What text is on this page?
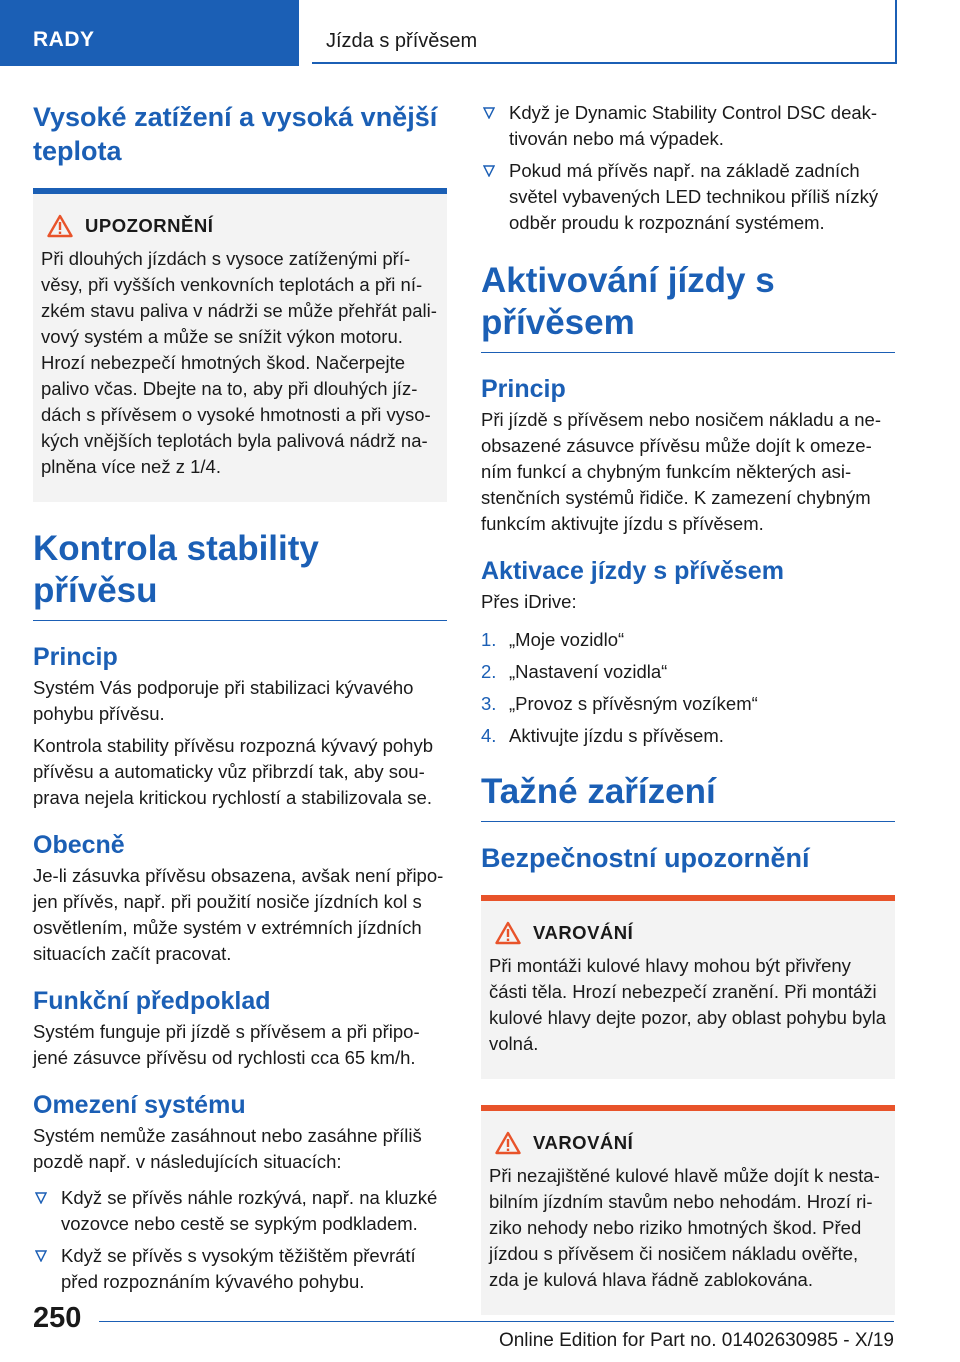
RADY	Jízda s přívěsem
Vysoké zatížení a vysoká vnější teplota
UPOZORNĚNÍ

Při dlouhých jízdách s vysoce zatíženými přívěsy, při vyšších venkovních teplotách a při nízkém stavu paliva v nádrži se může přehřát palivový systém a může se snížit výkon motoru. Hrozí nebezpečí hmotných škod. Načerpejte palivo včas. Dbejte na to, aby při dlouhých jízdách s přívěsem o vysoké hmotnosti a při vysokých vnějších teplotách byla palivová nádrž naplněna více než z 1/4.

Kontrola stability přívěsu
Princip

Systém Vás podporuje při stabilizaci kývavého pohybu přívěsu.

Kontrola stability přívěsu rozpozná kývavý pohyb přívěsu a automaticky vůz přibrzdí tak, aby souprava nejela kritickou rychlostí a stabilizovala se.

Obecně

Je-li zásuvka přívěsu obsazena, avšak není připojen přívěs, např. při použití nosiče jízdních kol s osvětlením, může systém v extrémních jízdních situacích začít pracovat.

Funkční předpoklad

Systém funguje při jízdě s přívěsem a při připojené zásuvce přívěsu od rychlosti cca 65 km/h.

Omezení systému

Systém nemůže zasáhnout nebo zasáhne příliš pozdě např. v následujících situacích:

Když se přívěs náhle rozkývá, např. na kluzké vozovce nebo cestě se sypkým podkladem.
Když se přívěs s vysokým těžištěm převrátí před rozpoznáním kývavého pohybu.
Když je Dynamic Stability Control DSC deaktivován nebo má výpadek.
Pokud má přívěs např. na základě zadních světel vybavených LED technikou příliš nízký odběr proudu k rozpoznání systémem.
Aktivování jízdy s přívěsem
Princip

Při jízdě s přívěsem nebo nosičem nákladu a neobsazené zásuvce přívěsu může dojít k omezením funkcí a chybným funkcím některých asistenčních systémů řidiče. K zamezení chybným funkcím aktivujte jízdu s přívěsem.

Aktivace jízdy s přívěsem

Přes iDrive:

1. „Moje vozidlo“
2. „Nastavení vozidla“
3. „Provoz s přívěsným vozíkem“
4. Aktivujte jízdu s přívěsem.
Tažné zařízení
Bezpečnostní upozornění
VAROVÁNÍ

Při montáži kulové hlavy mohou být přivřeny části těla. Hrozí nebezpečí zranění. Při montáži kulové hlavy dejte pozor, aby oblast pohybu byla volná.

VAROVÁNÍ

Při nezajištěné kulové hlavě může dojít k nestabilním jízdním stavům nebo nehodám. Hrozí riziko nehody nebo riziko hmotných škod. Před jízdou s přívěsem či nosičem nákladu ověřte, zda je kulová hlava řádně zablokována.

250
Online Edition for Part no. 01402630985 - X/19
